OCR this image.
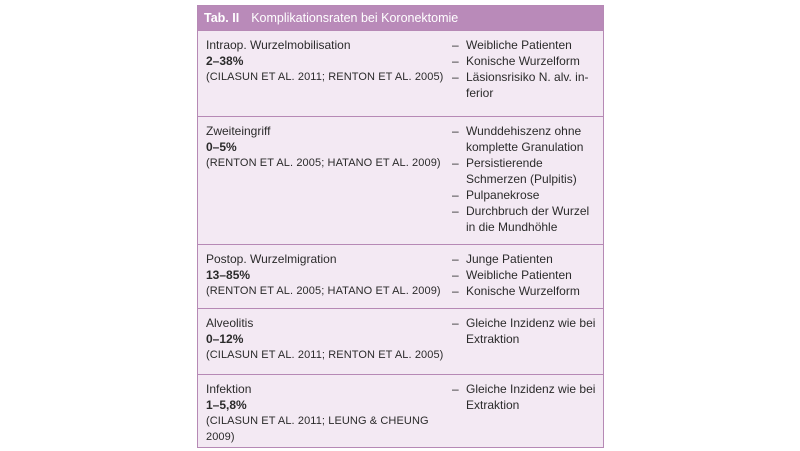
Tab. II Komplikationsraten bei Koronektomie
Intraop. Wurzelmobilisation
2–38%
(CILASUN ET AL. 2011; RENTON ET AL. 2005)
– Weibliche Patienten
– Konische Wurzelform
– Läsionsrisiko N. alv. in-ferior
Zweiteingriff
0–5%
(RENTON ET AL. 2005; HATANO ET AL. 2009)
– Wunddehiszenz ohne komplette Granulation
– Persistierende Schmerzen (Pulpitis)
– Pulpanekrose
– Durchbruch der Wurzel in die Mundhöhle
Postop. Wurzelmigration
13–85%
(RENTON ET AL. 2005; HATANO ET AL. 2009)
– Junge Patienten
– Weibliche Patienten
– Konische Wurzelform
Alveolitis
0–12%
(CILASUN ET AL. 2011; RENTON ET AL. 2005)
– Gleiche Inzidenz wie bei Extraktion
Infektion
1–5,8%
(CILASUN ET AL. 2011; LEUNG & CHEUNG 2009)
– Gleiche Inzidenz wie bei Extraktion
